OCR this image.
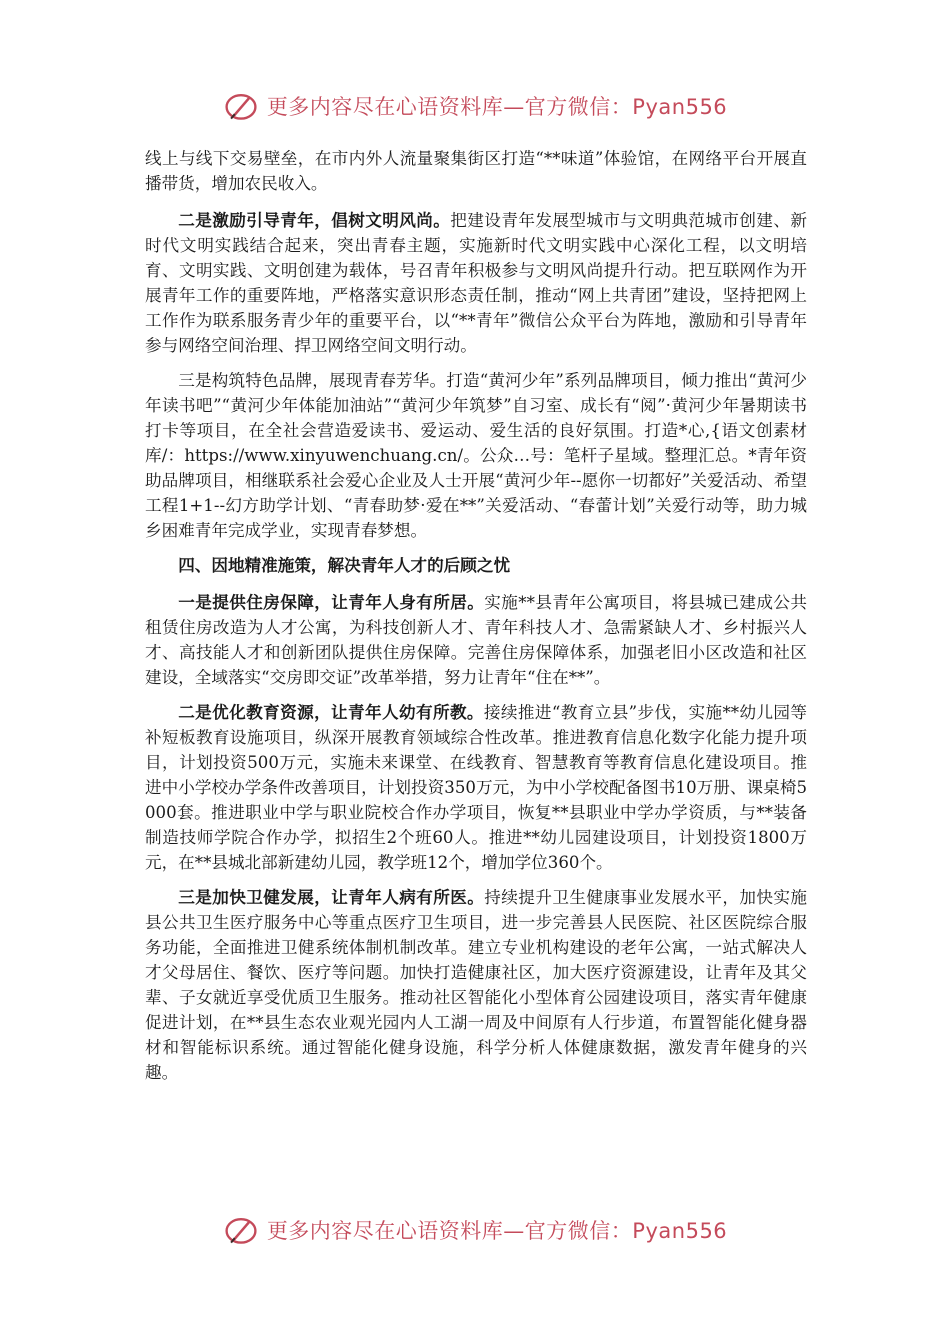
更多内容尽在心语资料库—官方微信：Pyan556

线上与线下交易壁垒，在市内外人流量聚集街区打造“**味道”体验馆，在网络平台开展直播带货，增加农民收入。

二是激励引导青年，倡树文明风尚。把建设青年发展型城市与文明典范城市创建、新时代文明实践结合起来，突出青春主题，实施新时代文明实践中心深化工程，以文明培育、文明实践、文明创建为载体，号召青年积极参与文明风尚提升行动。把互联网作为开展青年工作的重要阵地，严格落实意识形态责任制，推动“网上共青团”建设，坚持把网上工作作为联系服务青少年的重要平台，以“**青年”微信公众平台为阵地，激励和引导青年参与网络空间治理、捍卫网络空间文明行动。

三是构筑特色品牌，展现青春芳华。打造“黄河少年”系列品牌项目，倾力推出“黄河少年读书吧”“黄河少年体能加油站”“黄河少年筑梦”自习室、成长有“阅”·黄河少年暑期读书打卡等项目，在全社会营造爱读书、爱运动、爱生活的良好氛围。打造*心,{语文创素材库/：https://www.xinyuwenchuang.cn/。公众…号：笔杆子星域。整理汇总。*青年资助品牌项目，相继联系社会爱心企业及人士开展“黄河少年--愿你一切都好”关爱活动、希望工程1+1--幻方助学计划、“青春助梦·爱在**”关爱活动、“春蕾计划”关爱行动等，助力城乡困难青年完成学业，实现青春梦想。

四、因地精准施策，解决青年人才的后顾之忧

一是提供住房保障，让青年人身有所居。实施**县青年公寓项目，将县城已建成公共租赁住房改造为人才公寓，为科技创新人才、青年科技人才、急需紧缺人才、乡村振兴人才、高技能人才和创新团队提供住房保障。完善住房保障体系，加强老旧小区改造和社区建设，全域落实“交房即交证”改革举措，努力让青年“住在**”。

二是优化教育资源，让青年人幼有所教。接续推进“教育立县”步伐，实施**幼儿园等补短板教育设施项目，纵深开展教育领域综合性改革。推进教育信息化数字化能力提升项目，计划投资500万元，实施未来课堂、在线教育、智慧教育等教育信息化建设项目。推进中小学校办学条件改善项目，计划投资350万元，为中小学校配备图书10万册、课桌椅5000套。推进职业中学与职业院校合作办学项目，恢复**县职业中学办学资质，与**装备制造技师学院合作办学，拟招生2个班60人。推进**幼儿园建设项目，计划投资1800万元，在**县城北部新建幼儿园，教学班12个，增加学位360个。

三是加快卫健发展，让青年人病有所医。持续提升卫生健康事业发展水平，加快实施县公共卫生医疗服务中心等重点医疗卫生项目，进一步完善县人民医院、社区医院综合服务功能，全面推进卫健系统体制机制改革。建立专业机构建设的老年公寓，一站式解决人才父母居住、餐饮、医疗等问题。加快打造健康社区，加大医疗资源建设，让青年及其父辈、子女就近享受优质卫生服务。推动社区智能化小型体育公园建设项目，落实青年健康促进计划，在**县生态农业观光园内人工湖一周及中间原有人行步道，布置智能化健身器材和智能标识系统。通过智能化健身设施，科学分析人体健康数据，激发青年健身的兴趣。

更多内容尽在心语资料库—官方微信：Pyan556
